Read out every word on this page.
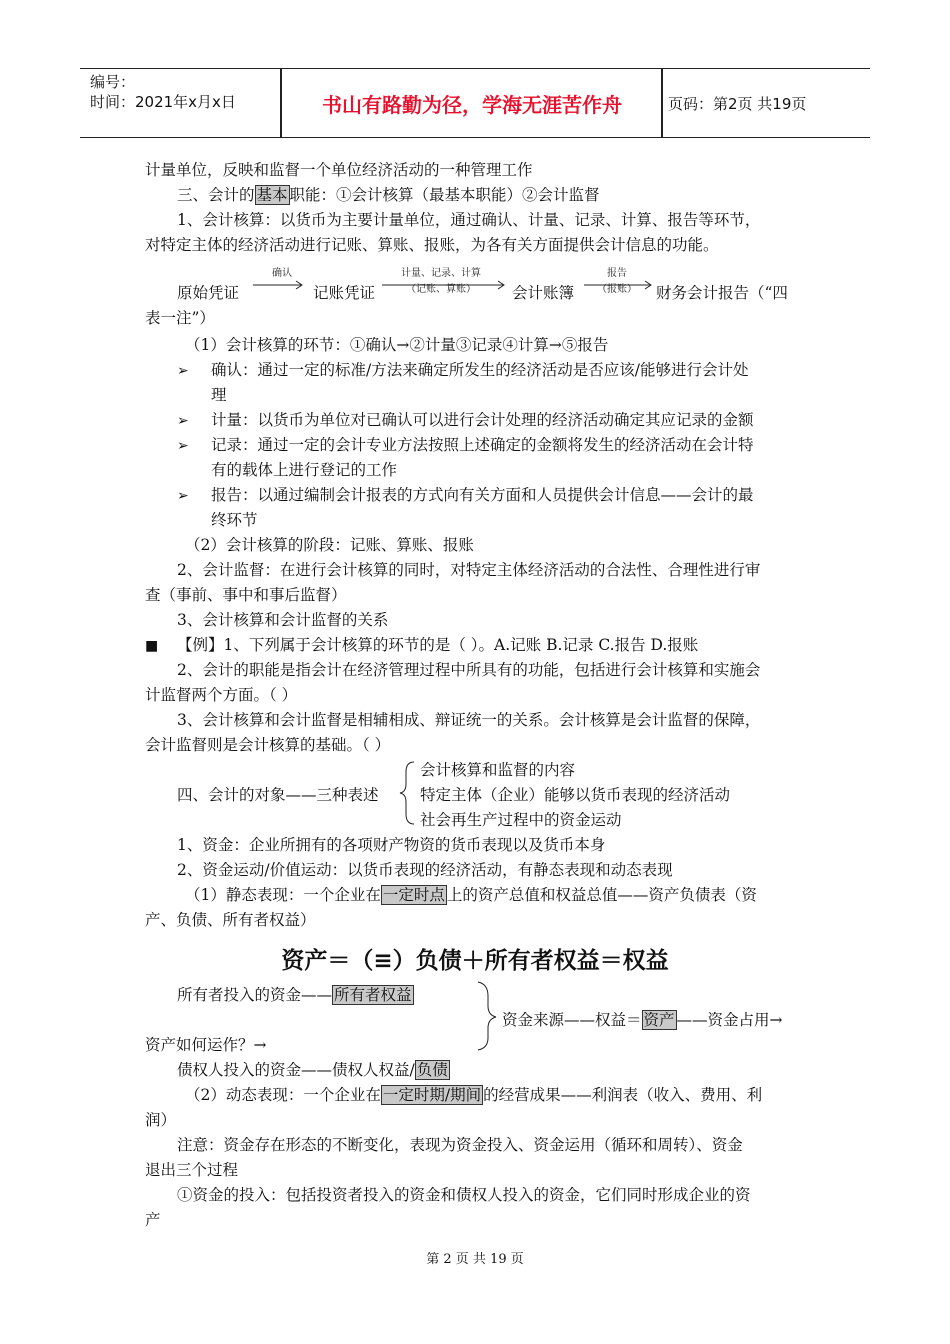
编号：
时间：2021年x月x日	书山有路勤为径，学海无涯苦作舟	页码：第2页 共19页
计量单位，反映和监督一个单位经济活动的一种管理工作
三、会计的 基本 职能：①会计核算（最基本职能）②会计监督
1、会计核算：以货币为主要计量单位，通过确认、计量、记录、计算、报告等环节，
对特定主体的经济活动进行记账、算账、报账，为各有关方面提供会计信息的功能。
原始凭证
确认
记账凭证
计量、记录、计算
（记账、算账）	会计账簿
报告
（报账）	财务会计报告（“四
表一注”）
（1）会计核算的环节：①确认→②计量③记录④计算→⑤报告
➢ 确认：通过一定的标准/方法来确定所发生的经济活动是否应该/能够进行会计处
理
➢ 计量：以货币为单位对已确认可以进行会计处理的经济活动确定其应记录的金额
➢ 记录：通过一定的会计专业方法按照上述确定的金额将发生的经济活动在会计特
有的载体上进行登记的工作
➢ 报告：以通过编制会计报表的方式向有关方面和人员提供会计信息——会计的最
终环节
（2）会计核算的阶段：记账、算账、报账
2、会计监督：在进行会计核算的同时，对特定主体经济活动的合法性、合理性进行审
查（事前、事中和事后监督）
3、会计核算和会计监督的关系
■ 【例】1、下列属于会计核算的环节的是（ ）。A.记账 B.记录 C.报告 D.报账
2、会计的职能是指会计在经济管理过程中所具有的功能，包括进行会计核算和实施会
计监督两个方面。（ ）
3、会计核算和会计监督是相辅相成、辩证统一的关系。会计核算是会计监督的保障，
会计监督则是会计核算的基础。（ ）
四、会计的对象——三种表述
会计核算和监督的内容
特定主体（企业）能够以货币表现的经济活动
社会再生产过程中的资金运动
1、资金：企业所拥有的各项财产物资的货币表现以及货币本身
2、资金运动/价值运动：以货币表现的经济活动，有静态表现和动态表现
（1）静态表现：一个企业在 一定时点 上的资产总值和权益总值——资产负债表（资
产、负债、所有者权益）
资产＝（≡）负债＋所有者权益＝权益
所有者投入的资金—— 所有者权益
资金来源——权益＝ 资产 ——资金占用→
资产如何运作？→
债权人投入的资金——债权人权益/ 负债
（2）动态表现：一个企业在 一定时期/期间 的经营成果——利润表（收入、费用、利
润）
注意：资金存在形态的不断变化，表现为资金投入、资金运用（循环和周转）、资金
退出三个过程
①资金的投入：包括投资者投入的资金和债权人投入的资金，它们同时形成企业的资
产
第 2 页 共 19 页
